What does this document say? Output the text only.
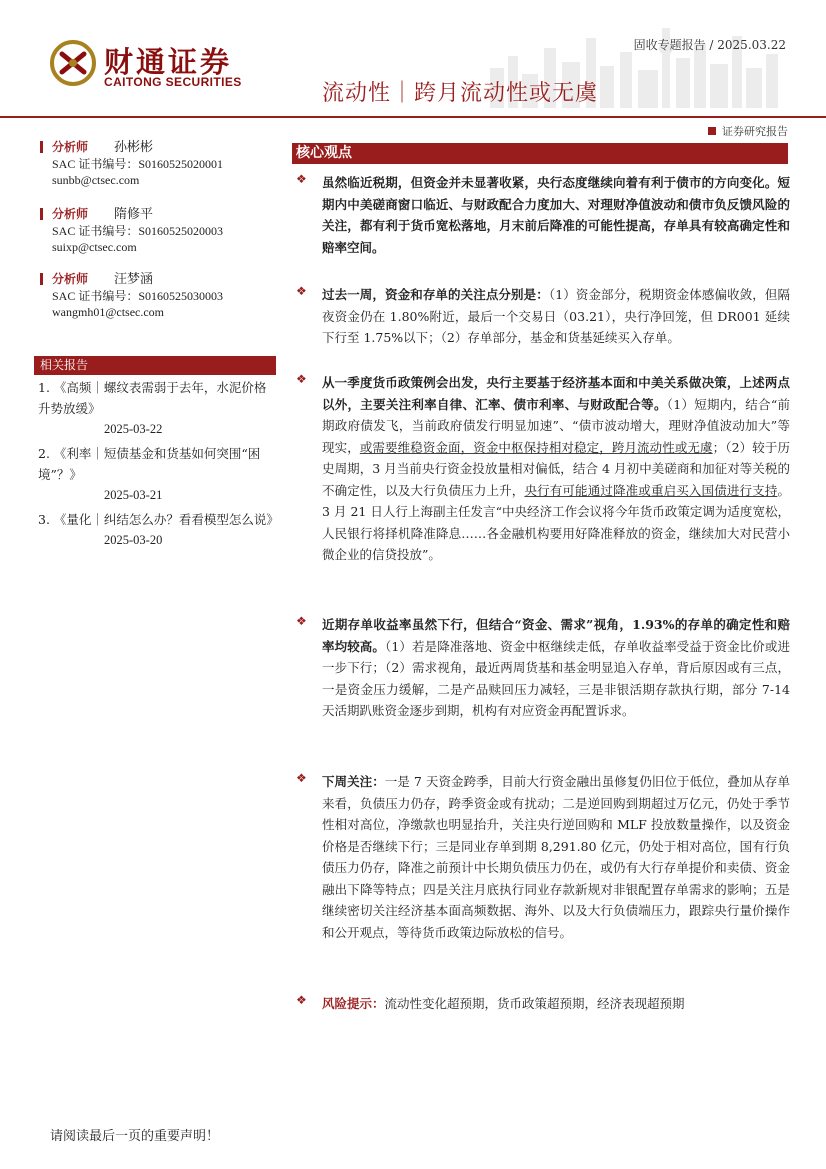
财通证券
CAITONG SECURITIES
固收专题报告 / 2025.03.22
流动性｜跨月流动性或无虞
证券研究报告
分析师 孙彬彬
SAC 证书编号：S0160525020001
sunbb@ctsec.com
分析师 隋修平
SAC 证书编号：S0160525020003
suixp@ctsec.com
分析师 汪梦涵
SAC 证书编号：S0160525030003
wangmh01@ctsec.com
相关报告
1. 《高频｜螺纹表需弱于去年，水泥价格升势放缓》
2025-03-22
2. 《利率｜短债基金和货基如何突围“困境”？》
2025-03-21
3. 《量化｜纠结怎么办？看看模型怎么说》
2025-03-20
核心观点
❖ 虽然临近税期，但资金并未显著收紧，央行态度继续向着有利于债市的方向变化。短期内中美磋商窗口临近、与财政配合力度加大、对理财净值波动和债市负反馈风险的关注，都有利于货币宽松落地，月末前后降准的可能性提高，存单具有较高确定性和赔率空间。
❖ 过去一周，资金和存单的关注点分别是：（1）资金部分，税期资金体感偏收敛，但隔夜资金仍在 1.80%附近，最后一个交易日（03.21），央行净回笼，但 DR001 延续下行至 1.75%以下；（2）存单部分，基金和货基延续买入存单。
❖ 从一季度货币政策例会出发，央行主要基于经济基本面和中美关系做决策，上述两点以外，主要关注利率自律、汇率、债市利率、与财政配合等。（1）短期内，结合“前期政府债发飞，当前政府债发行明显加速”、“债市波动增大，理财净值波动加大”等现实，或需要维稳资金面，资金中枢保持相对稳定，跨月流动性或无虞；（2）较于历史周期，3 月当前央行资金投放量相对偏低，结合 4 月初中美磋商和加征对等关税的不确定性，以及大行负债压力上升，央行有可能通过降准或重启买入国债进行支持。3 月 21 日人行上海副主任发言“中央经济工作会议将今年货币政策定调为适度宽松，人民银行将择机降准降息……各金融机构要用好降准释放的资金，继续加大对民营小微企业的信贷投放”。
❖ 近期存单收益率虽然下行，但结合“资金、需求”视角，1.93%的存单的确定性和赔率均较高。（1）若是降准落地、资金中枢继续走低，存单收益率受益于资金比价或进一步下行；（2）需求视角，最近两周货基和基金明显追入存单，背后原因或有三点，一是资金压力缓解，二是产品赎回压力减轻，三是非银活期存款执行期，部分 7-14 天活期趴账资金逐步到期，机构有对应资金再配置诉求。
❖ 下周关注：一是 7 天资金跨季，目前大行资金融出虽修复仍旧位于低位，叠加从存单来看，负债压力仍存，跨季资金或有扰动；二是逆回购到期超过万亿元，仍处于季节性相对高位，净缴款也明显抬升，关注央行逆回购和 MLF 投放数量操作，以及资金价格是否继续下行；三是同业存单到期 8,291.80 亿元，仍处于相对高位，国有行负债压力仍存，降准之前预计中长期负债压力仍在，或仍有大行存单提价和卖债、资金融出下降等特点；四是关注月底执行同业存款新规对非银配置存单需求的影响；五是继续密切关注经济基本面高频数据、海外、以及大行负债端压力，跟踪央行量价操作和公开观点，等待货币政策边际放松的信号。
❖ 风险提示：流动性变化超预期，货币政策超预期，经济表现超预期
请阅读最后一页的重要声明！
